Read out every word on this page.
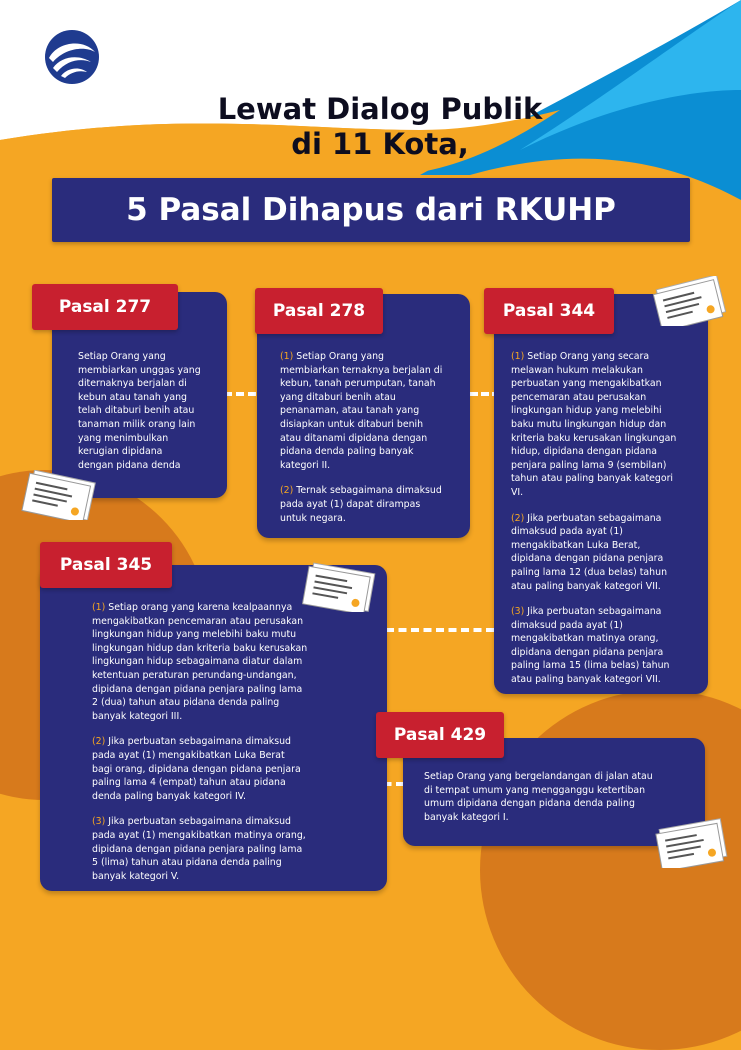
KOMINFO	Lewat Dialog Publik
di 11 Kota,
5 Pasal Dihapus dari RKUHP
Setiap Orang yang
membiarkan unggas yang
diternaknya berjalan di
kebun atau tanah yang
telah ditaburi benih atau
tanaman milik orang lain
yang menimbulkan
kerugian dipidana
dengan pidana denda
Pasal 277

(1) Setiap Orang yang
membiarkan ternaknya berjalan di
kebun, tanah perumputan, tanah
yang ditaburi benih atau
penanaman, atau tanah yang
disiapkan untuk ditaburi benih
atau ditanami dipidana dengan
pidana denda paling banyak
kategori II.

(2) Ternak sebagaimana dimaksud
pada ayat (1) dapat dirampas
untuk negara.

Pasal 278

(1) Setiap Orang yang secara
melawan hukum melakukan
perbuatan yang mengakibatkan
pencemaran atau perusakan
lingkungan hidup yang melebihi
baku mutu lingkungan hidup dan
kriteria baku kerusakan lingkungan
hidup, dipidana dengan pidana
penjara paling lama 9 (sembilan)
tahun atau paling banyak kategori
VI.

(2) Jika perbuatan sebagaimana
dimaksud pada ayat (1)
mengakibatkan Luka Berat,
dipidana dengan pidana penjara
paling lama 12 (dua belas) tahun
atau paling banyak kategori VII.

(3) Jika perbuatan sebagaimana
dimaksud pada ayat (1)
mengakibatkan matinya orang,
dipidana dengan pidana penjara
paling lama 15 (lima belas) tahun
atau paling banyak kategori VII.

Pasal 344

(1) Setiap orang yang karena kealpaannya
mengakibatkan pencemaran atau perusakan
lingkungan hidup yang melebihi baku mutu
lingkungan hidup dan kriteria baku kerusakan
lingkungan hidup sebagaimana diatur dalam
ketentuan peraturan perundang-undangan,
dipidana dengan pidana penjara paling lama
2 (dua) tahun atau pidana denda paling
banyak kategori III.

(2) Jika perbuatan sebagaimana dimaksud
pada ayat (1) mengakibatkan Luka Berat
bagi orang, dipidana dengan pidana penjara
paling lama 4 (empat) tahun atau pidana
denda paling banyak kategori IV.

(3) Jika perbuatan sebagaimana dimaksud
pada ayat (1) mengakibatkan matinya orang,
dipidana dengan pidana penjara paling lama
5 (lima) tahun atau pidana denda paling
banyak kategori V.

Pasal 345
Setiap Orang yang bergelandangan di jalan atau
di tempat umum yang mengganggu ketertiban
umum dipidana dengan pidana denda paling
banyak kategori I.
Pasal 429
